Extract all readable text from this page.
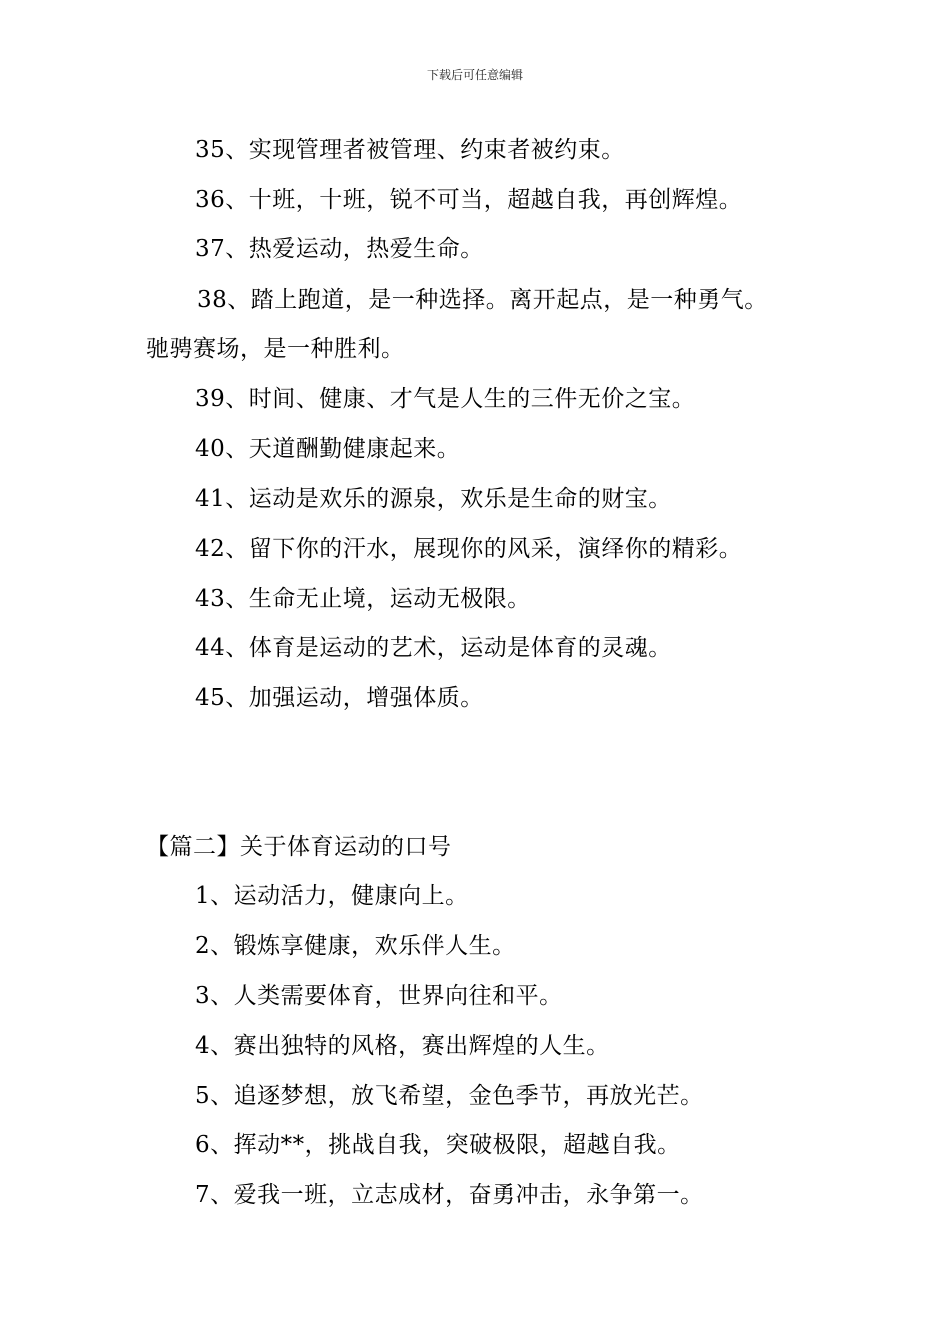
下载后可任意编辑
35、实现管理者被管理、约束者被约束。
36、十班，十班，锐不可当，超越自我，再创辉煌。
37、热爱运动，热爱生命。
38、踏上跑道，是一种选择。离开起点，是一种勇气。
驰骋赛场，是一种胜利。
39、时间、健康、才气是人生的三件无价之宝。
40、天道酬勤健康起来。
41、运动是欢乐的源泉，欢乐是生命的财宝。
42、留下你的汗水，展现你的风采，演绎你的精彩。
43、生命无止境，运动无极限。
44、体育是运动的艺术，运动是体育的灵魂。
45、加强运动，增强体质。
【篇二】关于体育运动的口号
1、运动活力，健康向上。
2、锻炼享健康，欢乐伴人生。
3、人类需要体育，世界向往和平。
4、赛出独特的风格，赛出辉煌的人生。
5、追逐梦想，放飞希望，金色季节，再放光芒。
6、挥动**，挑战自我，突破极限，超越自我。
7、爱我一班，立志成材，奋勇冲击，永争第一。
